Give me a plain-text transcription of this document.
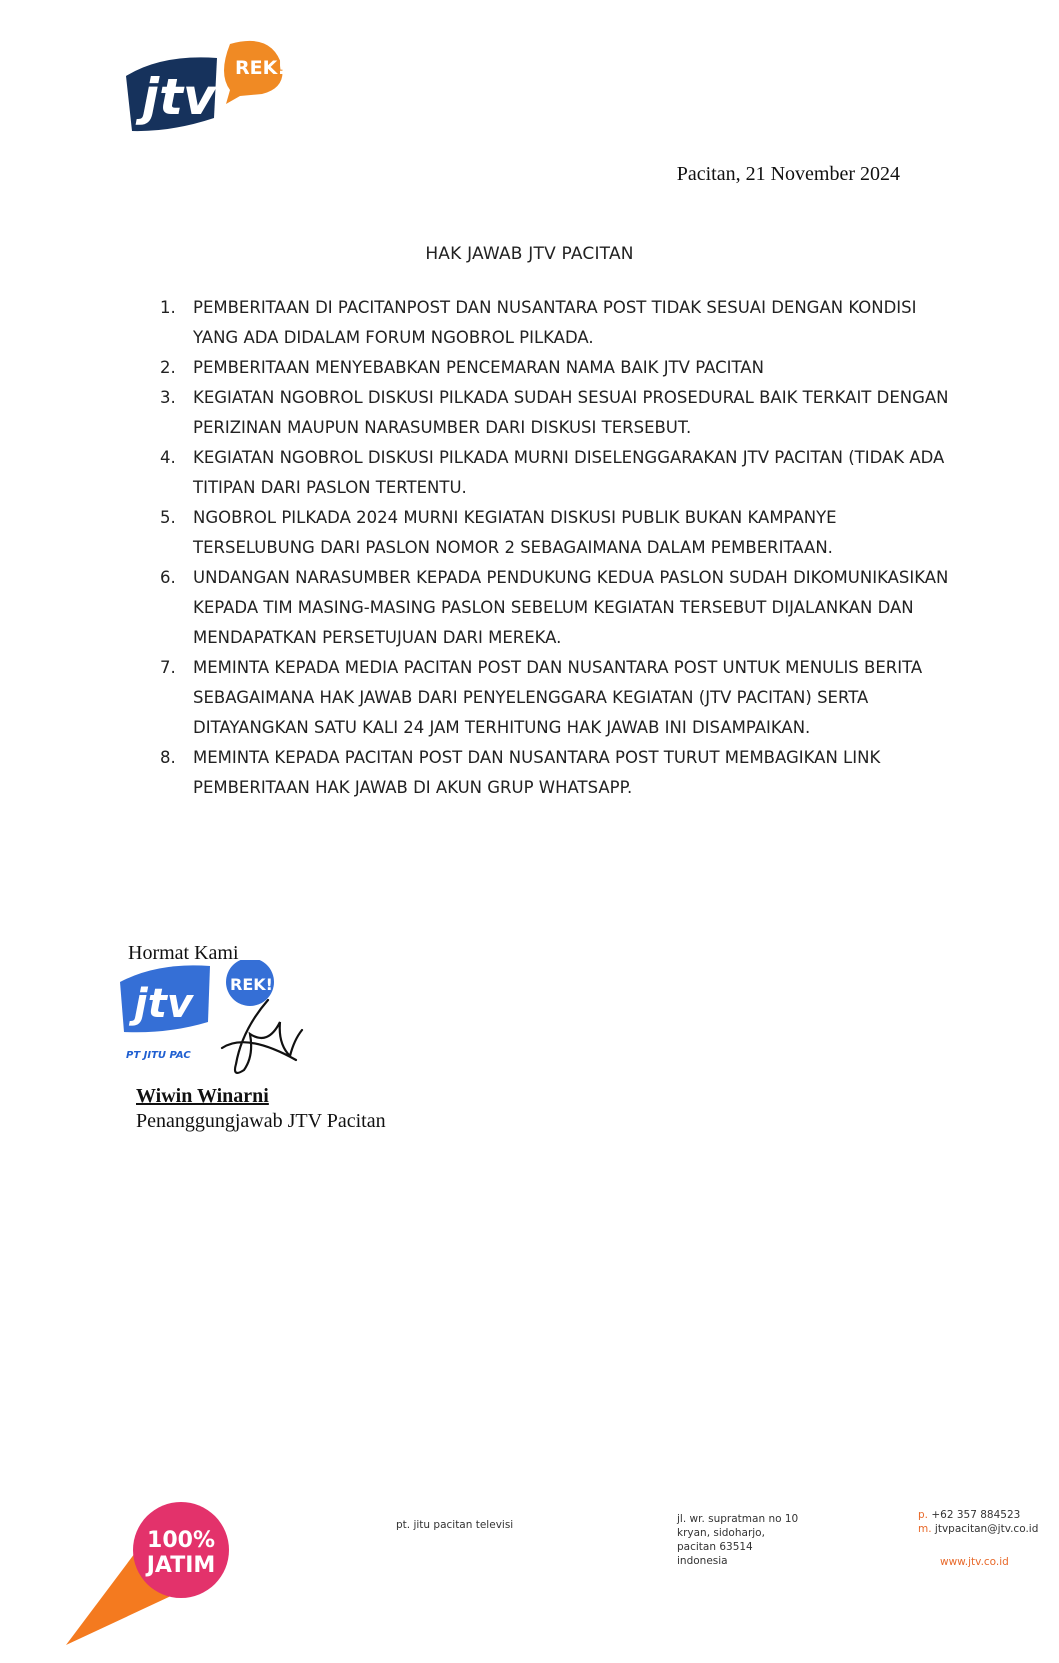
jtv REK!
Pacitan, 21 November 2024
HAK JAWAB JTV PACITAN
1. PEMBERITAAN DI PACITANPOST DAN NUSANTARA POST TIDAK SESUAI DENGAN KONDISI YANG ADA DIDALAM FORUM NGOBROL PILKADA.
2. PEMBERITAAN MENYEBABKAN PENCEMARAN NAMA BAIK JTV PACITAN
3. KEGIATAN NGOBROL DISKUSI PILKADA SUDAH SESUAI PROSEDURAL BAIK TERKAIT DENGAN PERIZINAN MAUPUN NARASUMBER DARI DISKUSI TERSEBUT.
4. KEGIATAN NGOBROL DISKUSI PILKADA MURNI DISELENGGARAKAN JTV PACITAN (TIDAK ADA TITIPAN DARI PASLON TERTENTU.
5. NGOBROL PILKADA 2024 MURNI KEGIATAN DISKUSI PUBLIK BUKAN KAMPANYE TERSELUBUNG DARI PASLON NOMOR 2 SEBAGAIMANA DALAM PEMBERITAAN.
6. UNDANGAN NARASUMBER KEPADA PENDUKUNG KEDUA PASLON SUDAH DIKOMUNIKASIKAN KEPADA TIM MASING-MASING PASLON SEBELUM KEGIATAN TERSEBUT DIJALANKAN DAN MENDAPATKAN PERSETUJUAN DARI MEREKA.
7. MEMINTA KEPADA MEDIA PACITAN POST DAN NUSANTARA POST UNTUK MENULIS BERITA SEBAGAIMANA HAK JAWAB DARI PENYELENGGARA KEGIATAN (JTV PACITAN) SERTA DITAYANGKAN SATU KALI 24 JAM TERHITUNG HAK JAWAB INI DISAMPAIKAN.
8. MEMINTA KEPADA PACITAN POST DAN NUSANTARA POST TURUT MEMBAGIKAN LINK PEMBERITAAN HAK JAWAB DI AKUN GRUP WHATSAPP.
Hormat Kami
jtv REK!
PT JITU PAC
Wiwin Winarni
Penanggungjawab JTV Pacitan
100%
JATIM
pt. jitu pacitan televisi	jl. wr. supratman no 10
kryan, sidoharjo,
pacitan 63514
indonesia
p. +62 357 884523
m. jtvpacitan@jtv.co.id
www.jtv.co.id
